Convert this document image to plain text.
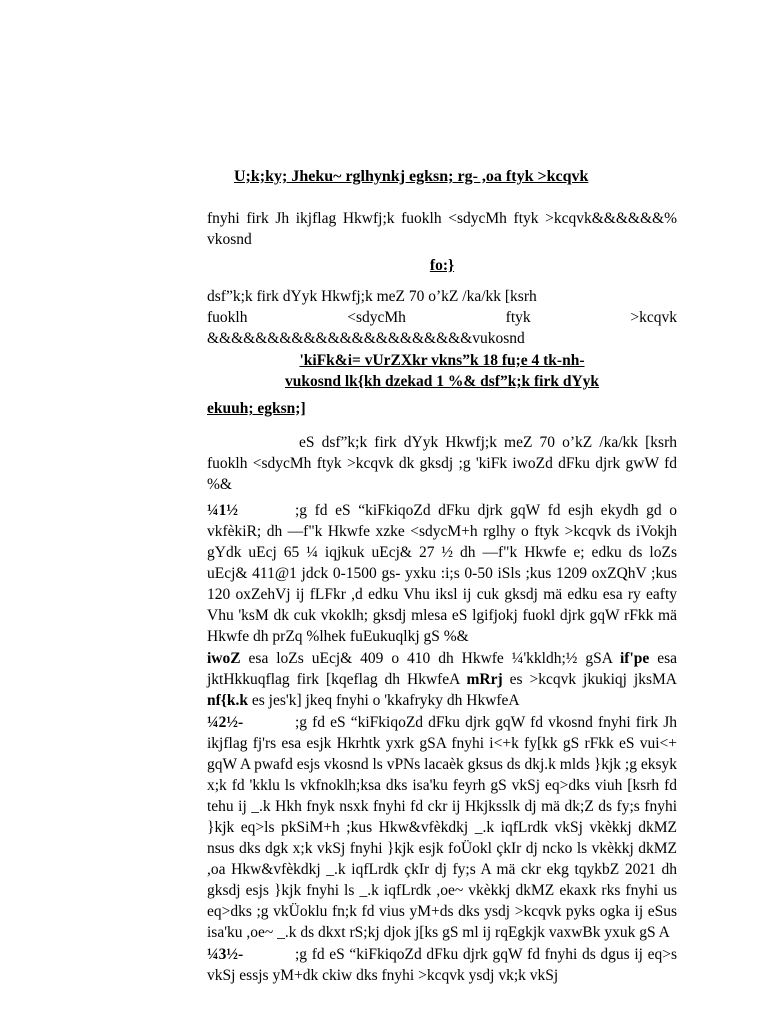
U;k;ky; Jheku~ rglhynkj egksn; rg- ,oa ftyk >kcqvk
fnyhi firk Jh ikjflag Hkwfj;k fuoklh <sdycMh ftyk >kcqvk&&&&&&% vkosnd
fo:}
dsf”k;k firk dYyk Hkwfj;k meZ 70 o’kZ /ka/kk [ksrh
fuoklh	<sdycMh	ftyk	>kcqvk
&&&&&&&&&&&&&&&&&&&&&&vukosnd
'kiFk&i= vUrZXkr vkns”k 18 fu;e 4 tk-nh-
vukosnd lk{kh dzekad 1 %& dsf”k;k firk dYyk
ekuuh; egksn;]
eS dsf”k;k firk dYyk Hkwfj;k meZ 70 o’kZ /ka/kk [ksrh fuoklh <sdycMh ftyk >kcqvk dk gksdj ;g 'kiFk iwoZd dFku djrk gwW fd %&
¼1½	;g fd eS “kiFkiqoZd dFku djrk gqW fd esjh ekydh gd o vkfèkiR; dh —f"k Hkwfe xzke <sdycM+h rglhy o ftyk >kcqvk ds iVokjh gYdk uEcj 65 ¼ iqjkuk uEcj& 27 ½ dh —f"k Hkwfe e; edku ds loZs uEcj& 411@1 jdck 0-1500 gs- yxku :i;s 0-50 iSls ;kus 1209 oxZQhV ;kus 120 oxZehVj ij fLFkr ,d edku Vhu iksl ij cuk gksdj mä edku esa ry eafty Vhu 'ksM dk cuk vkoklh; gksdj mlesa eS lgifjokj fuokl djrk gqW rFkk mä Hkwfe dh prZq %lhek fuEukuqlkj gS %&
iwoZ esa loZs uEcj& 409 o 410 dh Hkwfe ¼'kkldh;½ gSA if'pe esa jktHkkuqflag firk [kqeflag dh HkwfeA mRrj es >kcqvk jkukiqj jksMA nf{k.k es jes'k] jkeq fnyhi o 'kkafryky dh HkwfeA
¼2½-	;g fd eS “kiFkiqoZd dFku djrk gqW fd vkosnd fnyhi firk Jh ikjflag fj'rs esa esjk Hkrhtk yxrk gSA fnyhi i<+k fy[kk gS rFkk eS vui<+ gqW A pwafd esjs vkosnd ls vPNs lacaèk gksus ds dkj.k mlds }kjk ;g eksyk x;k fd 'kklu ls vkfnoklh;ksa dks isa'ku feyrh gS vkSj eq>dks viuh [ksrh fd tehu ij _.k Hkh fnyk nsxk fnyhi fd ckr ij Hkjksslk dj mä dk;Z ds fy;s fnyhi }kjk eq>ls pkSiM+h ;kus Hkw&vfèkdkj _.k iqfLrdk vkSj vkèkkj dkMZ nsus dks dgk x;k vkSj fnyhi }kjk esjk foÜokl çkIr dj ncko ls vkèkkj dkMZ ,oa Hkw&vfèkdkj _.k iqfLrdk çkIr dj fy;s A mä ckr ekg tqykbZ 2021 dh gksdj esjs }kjk fnyhi ls _.k iqfLrdk ,oe~ vkèkkj dkMZ ekaxk rks fnyhi us eq>dks ;g vkÜoklu fn;k fd vius yM+ds dks ysdj >kcqvk pyks ogka ij eSus isa'ku ,oe~ _.k ds dkxt rS;kj djok j[ks gS ml ij rqEgkjk vaxwBk yxuk gS A
¼3½-	;g fd eS “kiFkiqoZd dFku djrk gqW fd fnyhi ds dgus ij eq>s vkSj essjs yM+dk ckiw dks fnyhi >kcqvk ysdj vk;k vkSj
